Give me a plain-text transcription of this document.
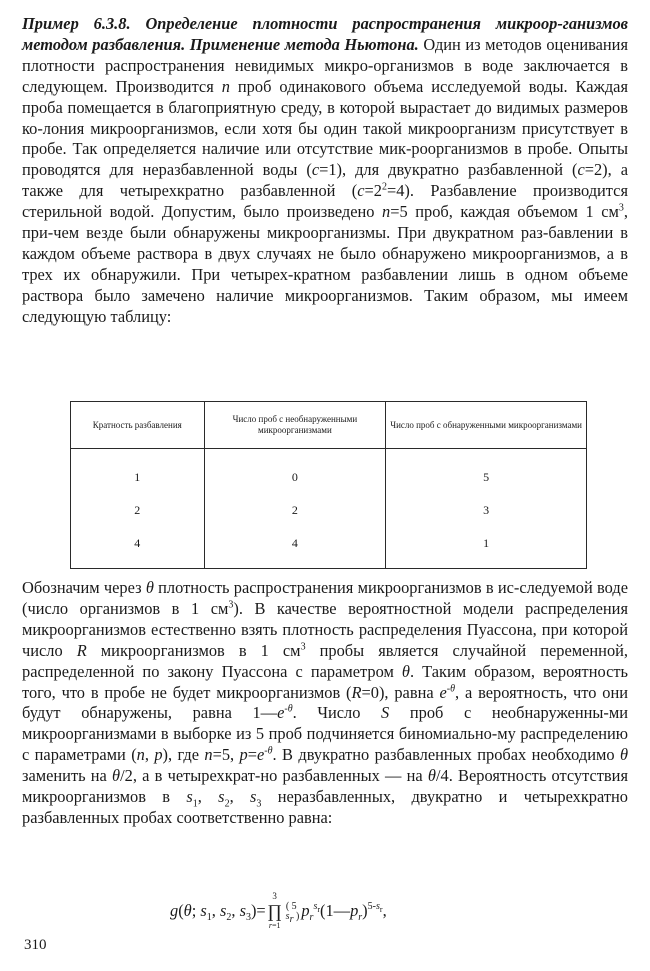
Пример 6.3.8. Определение плотности распространения микроор-ганизмов методом разбавления. Применение метода Ньютона. Один из методов оценивания плотности распространения невидимых микро-организмов в воде заключается в следующем. Производится n проб одинакового объема исследуемой воды. Каждая проба помещается в благоприятную среду, в которой вырастает до видимых размеров ко-лония микроорганизмов, если хотя бы один такой микроорганизм присутствует в пробе. Так определяется наличие или отсутствие мик-роорганизмов в пробе. Опыты проводятся для неразбавленной воды (c=1), для двукратно разбавленной (c=2), а также для четырехкратно разбавленной $(c=2^2=4)$. Разбавление производится стерильной водой. Допустим, было произведено n=5 проб, каждая объемом 1 $см^3$, при-чем везде были обнаружены микроорганизмы. При двукратном раз-бавлении в каждом объеме раствора в двух случаях не было обнаружено микроорганизмов, а в трех их обнаружили. При четырех-кратном разбавлении лишь в одном объеме раствора было замечено наличие микроорганизмов. Таким образом, мы имеем следующую таблицу:

Кратность разбавления	Число проб с необнаруженными микроорганизмами	Число проб с обнаруженными микроорганизмами
1	0	5
2	2	3
4	4	1

Обозначим через θ плотность распространения микроорганизмов в ис-следуемой воде (число организмов в 1 $см^3$). В качестве вероятностной модели распределения микроорганизмов естественно взять плотность распределения Пуассона, при которой число R микроорганизмов в 1 $см^3$ пробы является случайной переменной, распределенной по закону Пуассона с параметром θ. Таким образом, вероятность того, что в пробе не будет микроорганизмов (R=0), равна $e^{-\theta}$, а вероятность, что они будут обнаружены, равна $1—e^{-\theta}$. Число S проб с необнаруженны-ми микроорганизмами в выборке из 5 проб подчиняется биномиально-му распределению с параметрами (n, p), где n=5, $p=e^{-\theta}$. В двукратно разбавленных пробах необходимо θ заменить на θ/2, а в четырехкрат-но разбавленных — на θ/4. Вероятность отсутствия микроорганизмов в $s_1$, $s_2$, $s_3$ неразбавленных, двукратно и четырехкратно разбавленных пробах соответственно равна:

g(θ; $s_1$, $s_2$, $s_3)=$
3
∏
r=1
( 5
$s_r$ ) $p_r^{s_r}(1—p_r)^{5-s_r}$,
310
